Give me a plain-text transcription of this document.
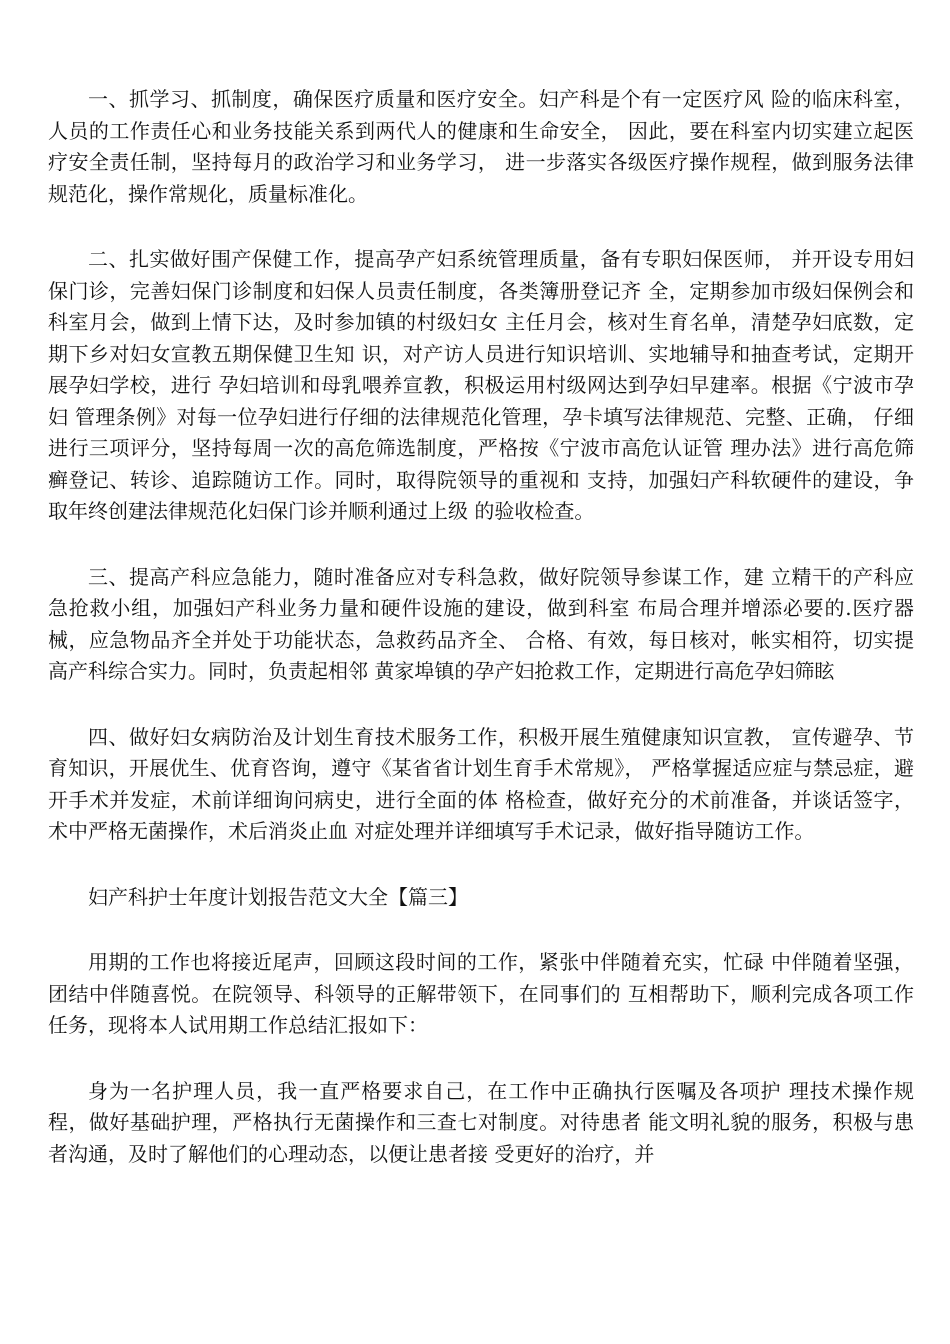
一、抓学习、抓制度，确保医疗质量和医疗安全。妇产科是个有一定医疗风 险的临床科室，人员的工作责任心和业务技能关系到两代人的健康和生命安全， 因此，要在科室内切实建立起医疗安全责任制，坚持每月的政治学习和业务学习， 进一步落实各级医疗操作规程，做到服务法律规范化，操作常规化，质量标准化。

二、扎实做好围产保健工作，提高孕产妇系统管理质量，备有专职妇保医师， 并开设专用妇保门诊，完善妇保门诊制度和妇保人员责任制度，各类簿册登记齐 全，定期参加市级妇保例会和科室月会，做到上情下达，及时参加镇的村级妇女 主任月会，核对生育名单，清楚孕妇底数，定期下乡对妇女宣教五期保健卫生知 识，对产访人员进行知识培训、实地辅导和抽查考试，定期开展孕妇学校，进行 孕妇培训和母乳喂养宣教，积极运用村级网达到孕妇早建率。根据《宁波市孕妇 管理条例》对每一位孕妇进行仔细的法律规范化管理，孕卡填写法律规范、完整、正确， 仔细进行三项评分，坚持每周一次的高危筛选制度，严格按《宁波市高危认证管 理办法》进行高危筛癣登记、转诊、追踪随访工作。同时，取得院领导的重视和 支持，加强妇产科软硬件的建设，争取年终创建法律规范化妇保门诊并顺利通过上级 的验收检查。

三、提高产科应急能力，随时准备应对专科急救，做好院领导参谋工作，建 立精干的产科应急抢救小组，加强妇产科业务力量和硬件设施的建设，做到科室 布局合理并增添必要的.医疗器械，应急物品齐全并处于功能状态，急救药品齐全、 合格、有效，每日核对，帐实相符，切实提高产科综合实力。同时，负责起相邻 黄家埠镇的孕产妇抢救工作，定期进行高危孕妇筛眩

四、做好妇女病防治及计划生育技术服务工作，积极开展生殖健康知识宣教， 宣传避孕、节育知识，开展优生、优育咨询，遵守《某省省计划生育手术常规》， 严格掌握适应症与禁忌症，避开手术并发症，术前详细询问病史，进行全面的体 格检查，做好充分的术前准备，并谈话签字，术中严格无菌操作，术后消炎止血 对症处理并详细填写手术记录，做好指导随访工作。

妇产科护士年度计划报告范文大全【篇三】

用期的工作也将接近尾声，回顾这段时间的工作，紧张中伴随着充实，忙碌 中伴随着坚强，团结中伴随喜悦。在院领导、科领导的正解带领下，在同事们的 互相帮助下，顺利完成各项工作任务，现将本人试用期工作总结汇报如下：

身为一名护理人员，我一直严格要求自己，在工作中正确执行医嘱及各项护 理技术操作规程，做好基础护理，严格执行无菌操作和三查七对制度。对待患者 能文明礼貌的服务，积极与患者沟通，及时了解他们的心理动态，以便让患者接 受更好的治疗，并
